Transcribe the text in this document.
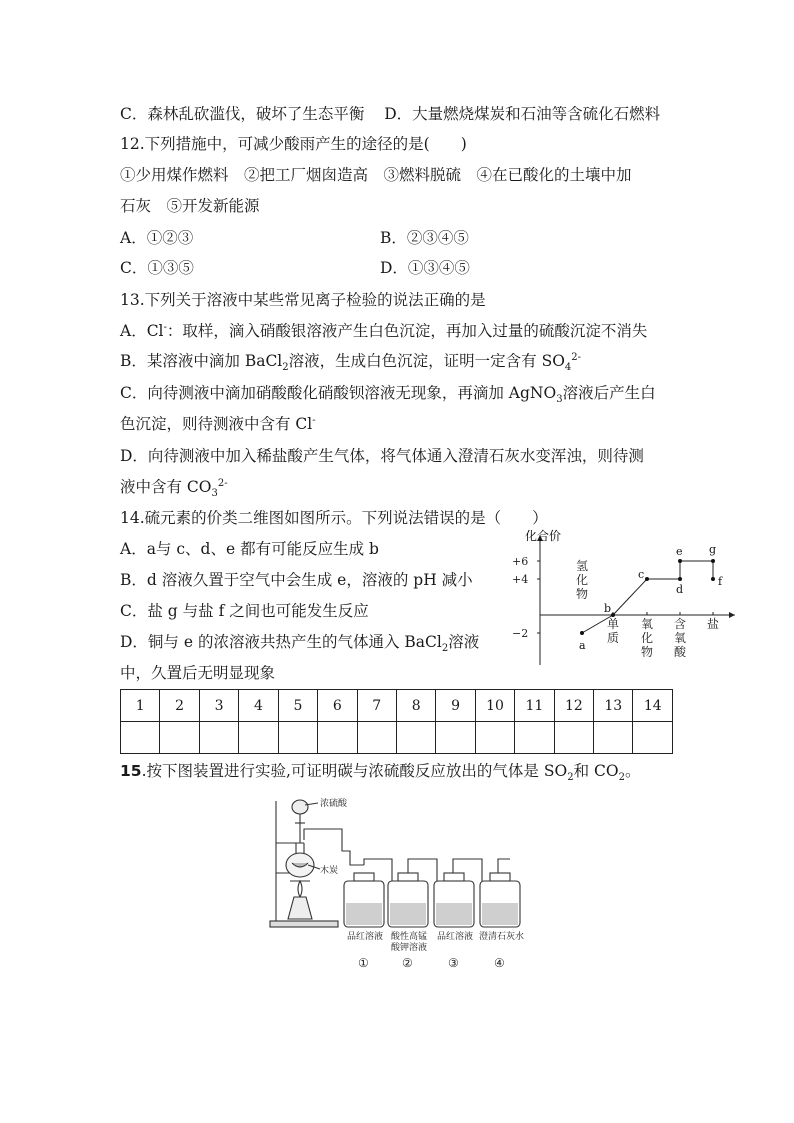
C．森林乱砍滥伐，破坏了生态平衡 D．大量燃烧煤炭和石油等含硫化石燃料
12.下列措施中，可减少酸雨产生的途径的是(　　)
①少用煤作燃料　②把工厂烟囱造高　③燃料脱硫　④在已酸化的土壤中加
石灰　⑤开发新能源
A．①②③	B．②③④⑤
C．①③⑤	D．①③④⑤
13.下列关于溶液中某些常见离子检验的说法正确的是
A．Cl-：取样，滴入硝酸银溶液产生白色沉淀，再加入过量的硫酸沉淀不消失
B．某溶液中滴加 BaCl$_2$溶液，生成白色沉淀，证明一定含有 $SO_4^{2-}$
C．向待测液中滴加硝酸酸化硝酸钡溶液无现象，再滴加 AgNO$_3$溶液后产生白
色沉淀，则待测液中含有 Cl-
D．向待测液中加入稀盐酸产生气体，将气体通入澄清石灰水变浑浊，则待测
液中含有 $CO_3^{2-}$
14.硫元素的价类二维图如图所示。下列说法错误的是（　　）
A．a与 c、d、e 都有可能反应生成 b
B．d 溶液久置于空气中会生成 e，溶液的 pH 减小
C．盐 g 与盐 f 之间也可能发生反应
D．铜与 e 的浓溶液共热产生的气体通入 BaCl$_2$溶液
中，久置后无明显现象
化合价
+6
+4
−2
氢化物
单质
氧化物
含氧酸
盐
a
b
c
d
e g
f
1	2	3	4	5	6	7	8	9	10	11	12	13	14

15.按下图装置进行实验,可证明碳与浓硫酸反应放出的气体是 $SO_2$和 $CO_2$。
浓硫酸
木炭
品红溶液 酸性高锰
酸钾溶液
品红溶液 澄清石灰水
①	②	③	④
